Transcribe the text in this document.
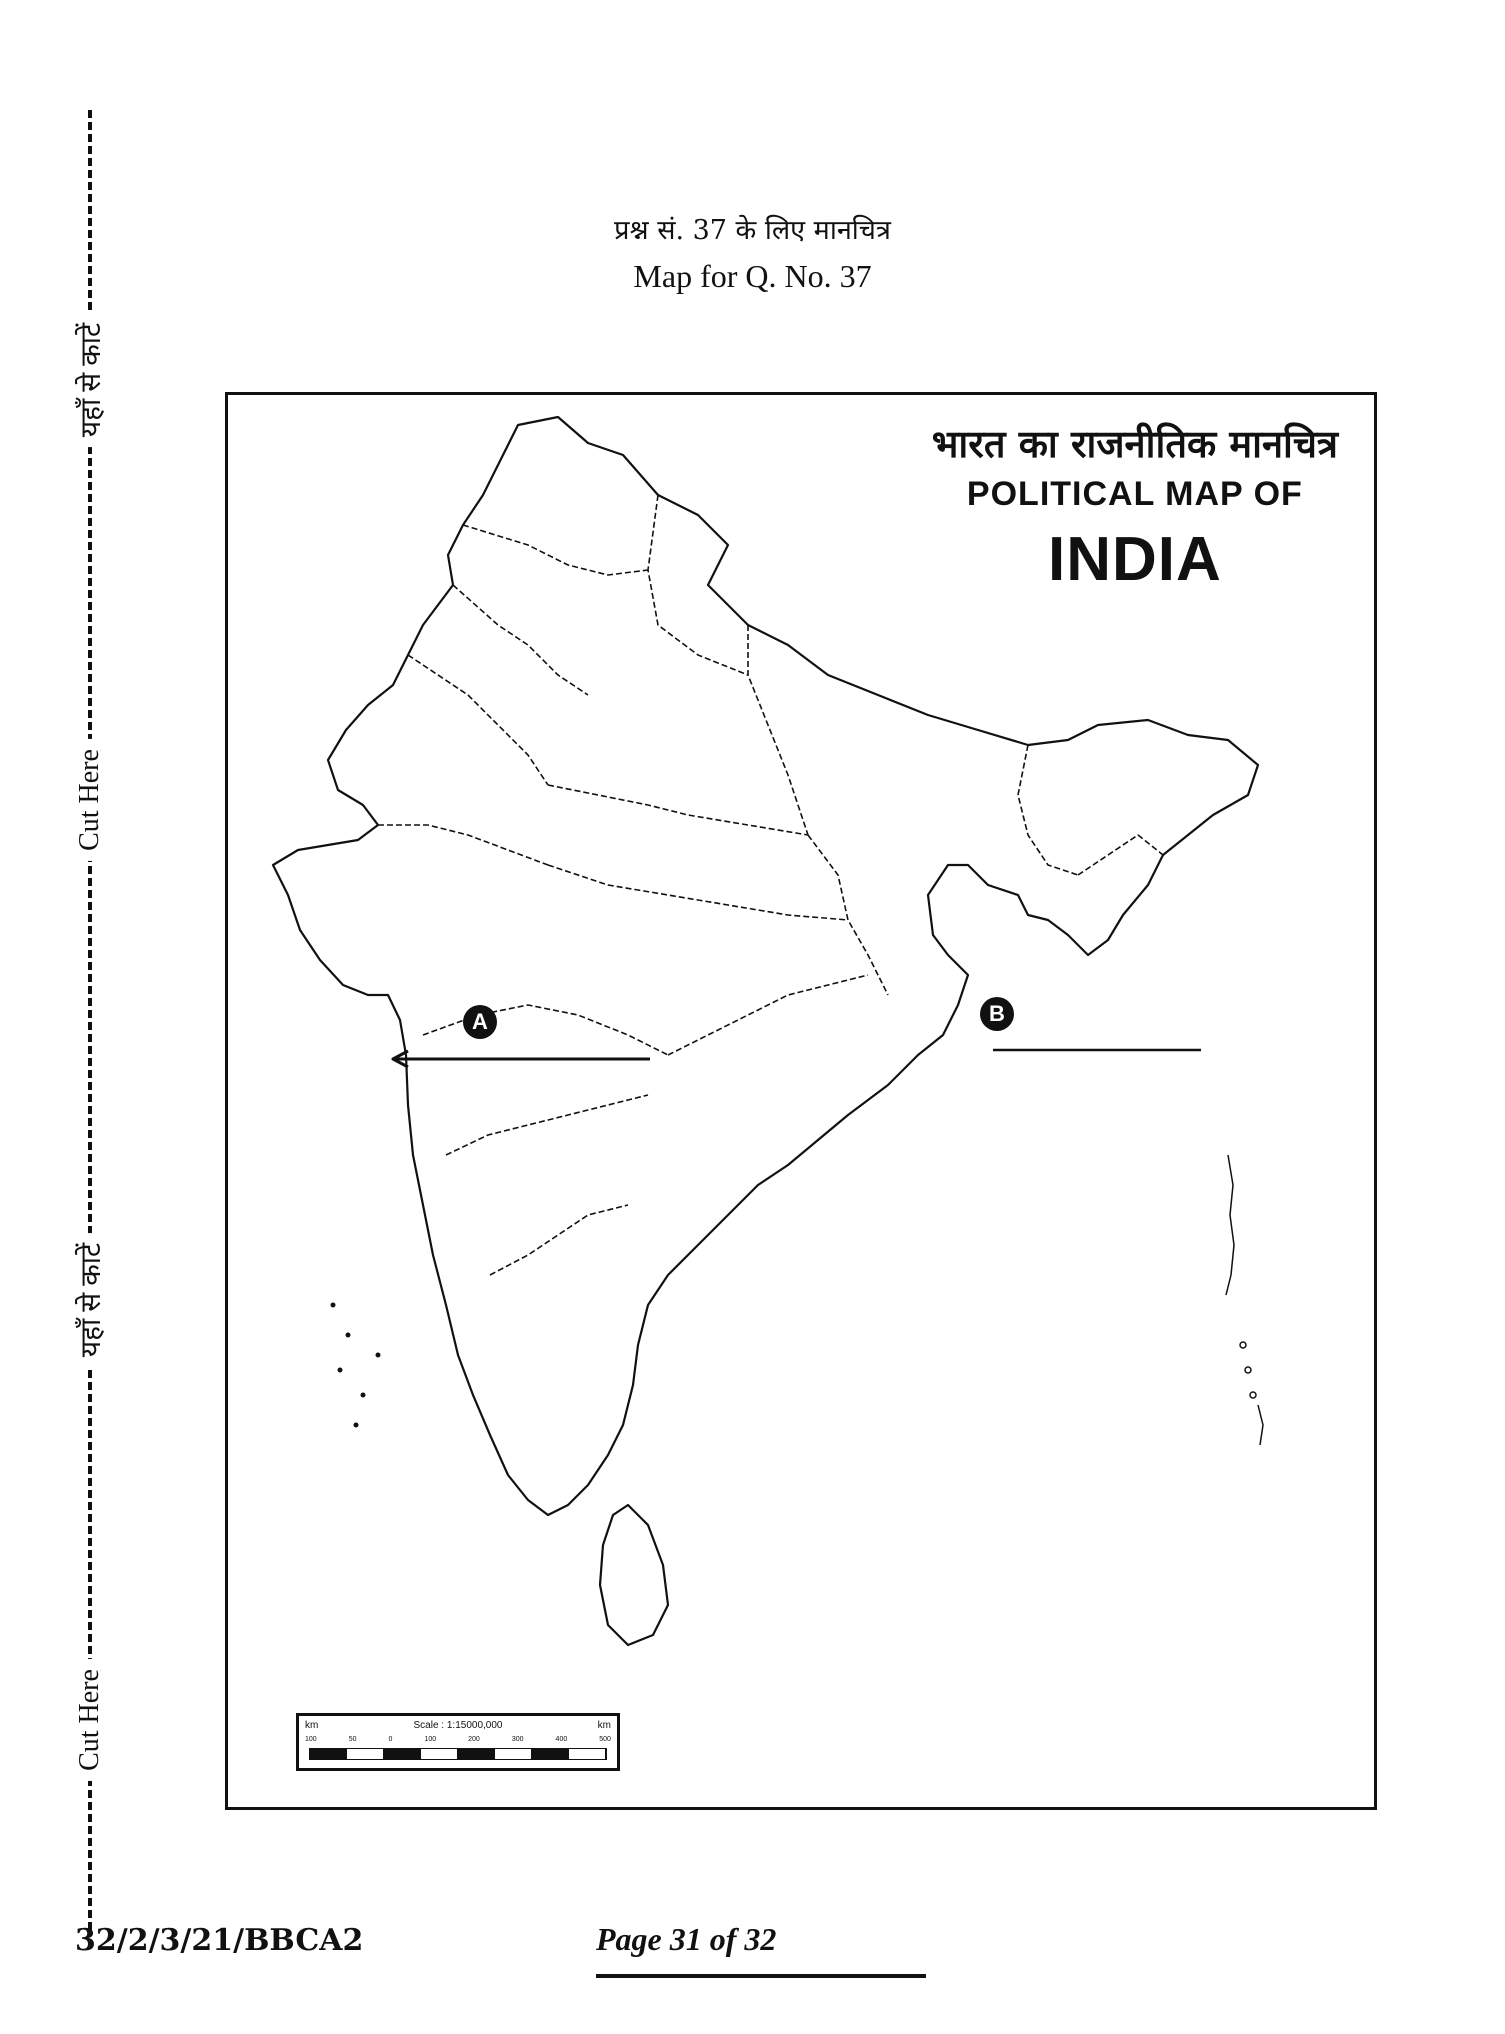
यहाँ से काटें
Cut Here
यहाँ से काटें
Cut Here
प्रश्न सं. 37 के लिए मानचित्र
Map for Q. No. 37
भारत का राजनीतिक मानचित्र
POLITICAL MAP OF
INDIA
A	B
km	Scale : 1:15000,000	km
100	50	0	100	200	300	400	500
32/2/3/21/BBCA2	Page 31 of 32
